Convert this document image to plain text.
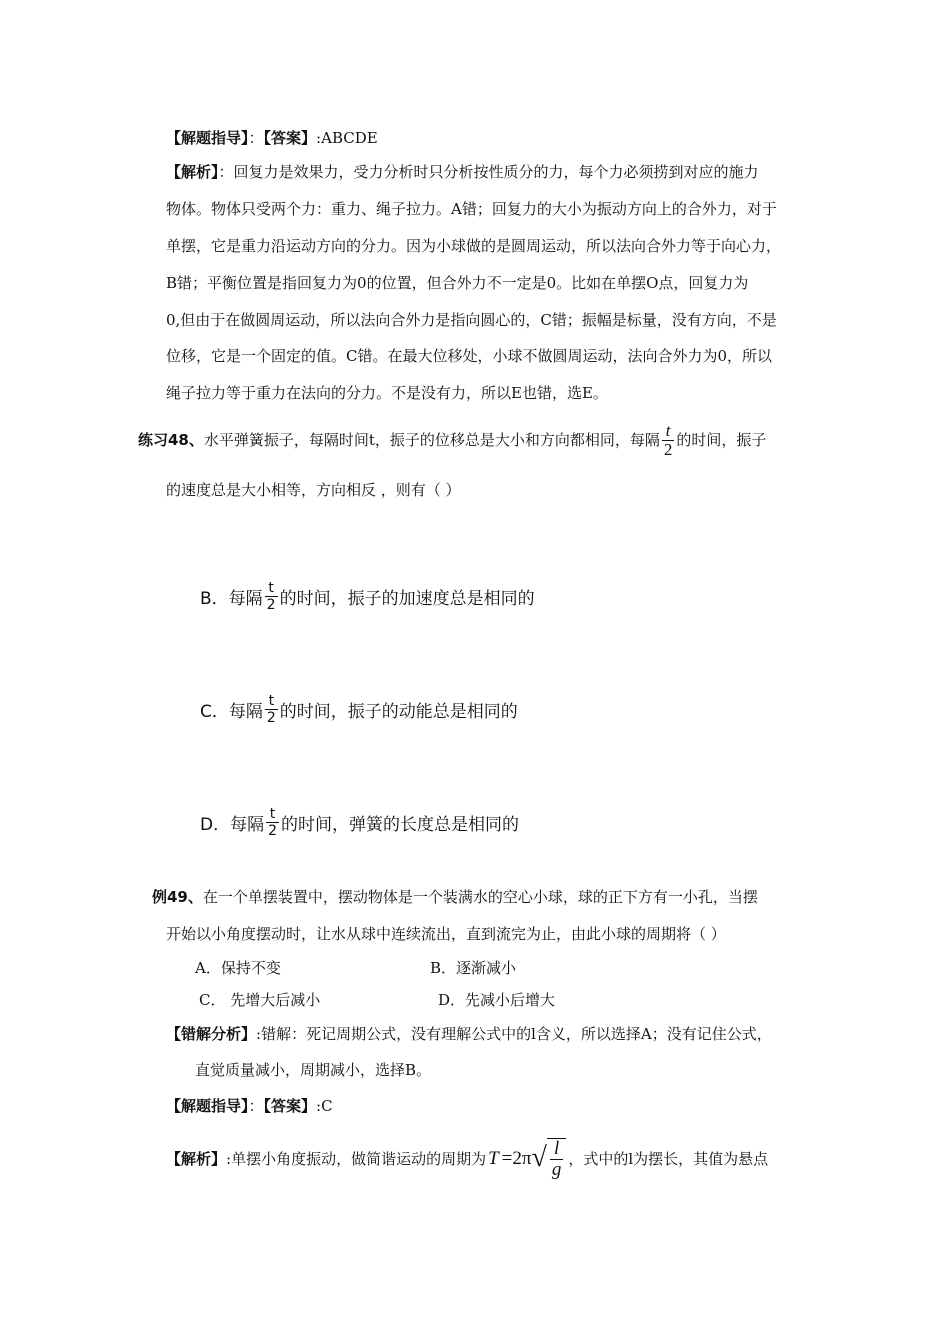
【解题指导】：【答案】:ABCDE
【解析】：回复力是效果力，受力分析时只分析按性质分的力，每个力必须捞到对应的施力
物体。物体只受两个力：重力、绳子拉力。A错；回复力的大小为振动方向上的合外力，对于
单摆，它是重力沿运动方向的分力。因为小球做的是圆周运动，所以法向合外力等于向心力，
B错；平衡位置是指回复力为0的位置，但合外力不一定是0。比如在单摆O点，回复力为
0,但由于在做圆周运动，所以法向合外力是指向圆心的，C错；振幅是标量，没有方向，不是
位移，它是一个固定的值。C错。在最大位移处，小球不做圆周运动，法向合外力为0，所以
绳子拉力等于重力在法向的分力。不是没有力，所以E也错，选E。
练习48、 水平弹簧振子，每隔时间t，振子的位移总是大小和方向都相同，每隔 $\frac{t}{2}$ 的时间，振子
的速度总是大小相等，方向相反 ，则有（ ）
B．每隔 $\frac{t}{2}$ 的时间，振子的加速度总是相同的
C．每隔 $\frac{t}{2}$ 的时间，振子的动能总是相同的
D．每隔 $\frac{t}{2}$ 的时间，弹簧的长度总是相同的
例49、在一个单摆装置中，摆动物体是一个装满水的空心小球，球的正下方有一小孔，当摆
开始以小角度摆动时，让水从球中连续流出，直到流完为止，由此小球的周期将（ ）
A．保持不变	B．逐渐减小
C． 先增大后减小	D．先减小后增大
【错解分析】:错解：死记周期公式，没有理解公式中的l含义，所以选择A；没有记住公式，
直觉质量减小，周期减小，选择B。
【解题指导】：【答案】:C
【解析】 :单摆小角度振动，做简谐运动的周期为 T =2π √ $\frac{l}{g}$ ，式中的l为摆长，其值为悬点
